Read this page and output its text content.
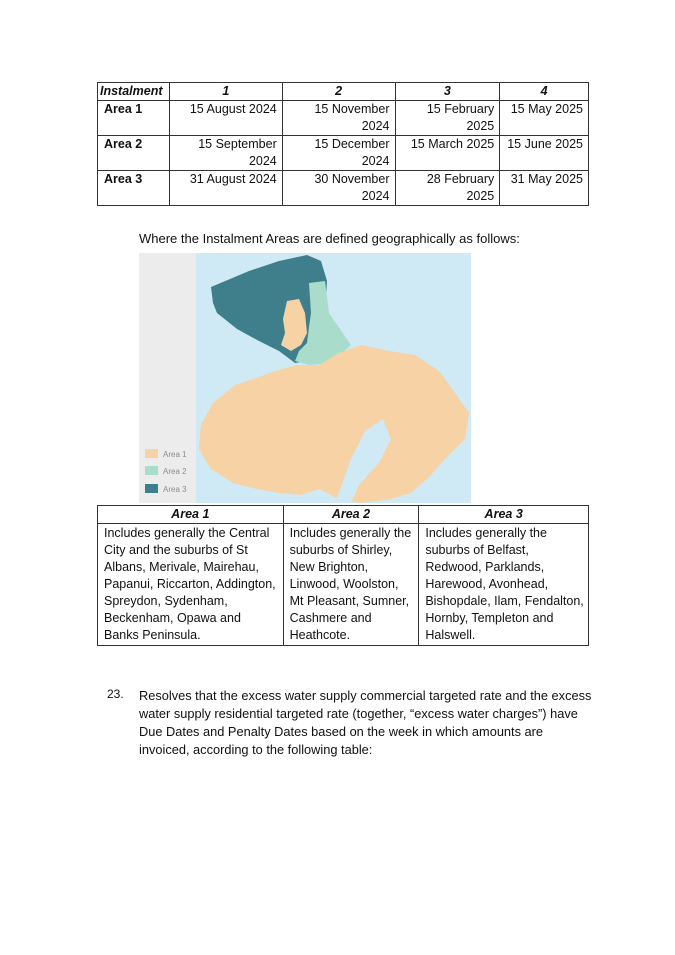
Instalment	1	2	3	4
Area 1	15 August 2024	15 November 2024	15 February 2025	15 May 2025
Area 2	15 September 2024	15 December 2024	15 March 2025	15 June 2025
Area 3	31 August 2024	30 November 2024	28 February 2025	31 May 2025

Where the Instalment Areas are defined geographically as follows:

Area 1
Area 2
Area 3
Area 1	Area 2	Area 3
Includes generally the Central City and the suburbs of St Albans, Merivale, Mairehau, Papanui, Riccarton, Addington, Spreydon, Sydenham, Beckenham, Opawa and Banks Peninsula.	Includes generally the suburbs of Shirley, New Brighton, Linwood, Woolston, Mt Pleasant, Sumner, Cashmere and Heathcote.	Includes generally the suburbs of Belfast, Redwood, Parklands, Harewood, Avonhead, Bishopdale, Ilam, Fendalton, Hornby, Templeton and Halswell.
23. Resolves that the excess water supply commercial targeted rate and the excess water supply residential targeted rate (together, “excess water charges”) have Due Dates and Penalty Dates based on the week in which amounts are invoiced, according to the following table:
